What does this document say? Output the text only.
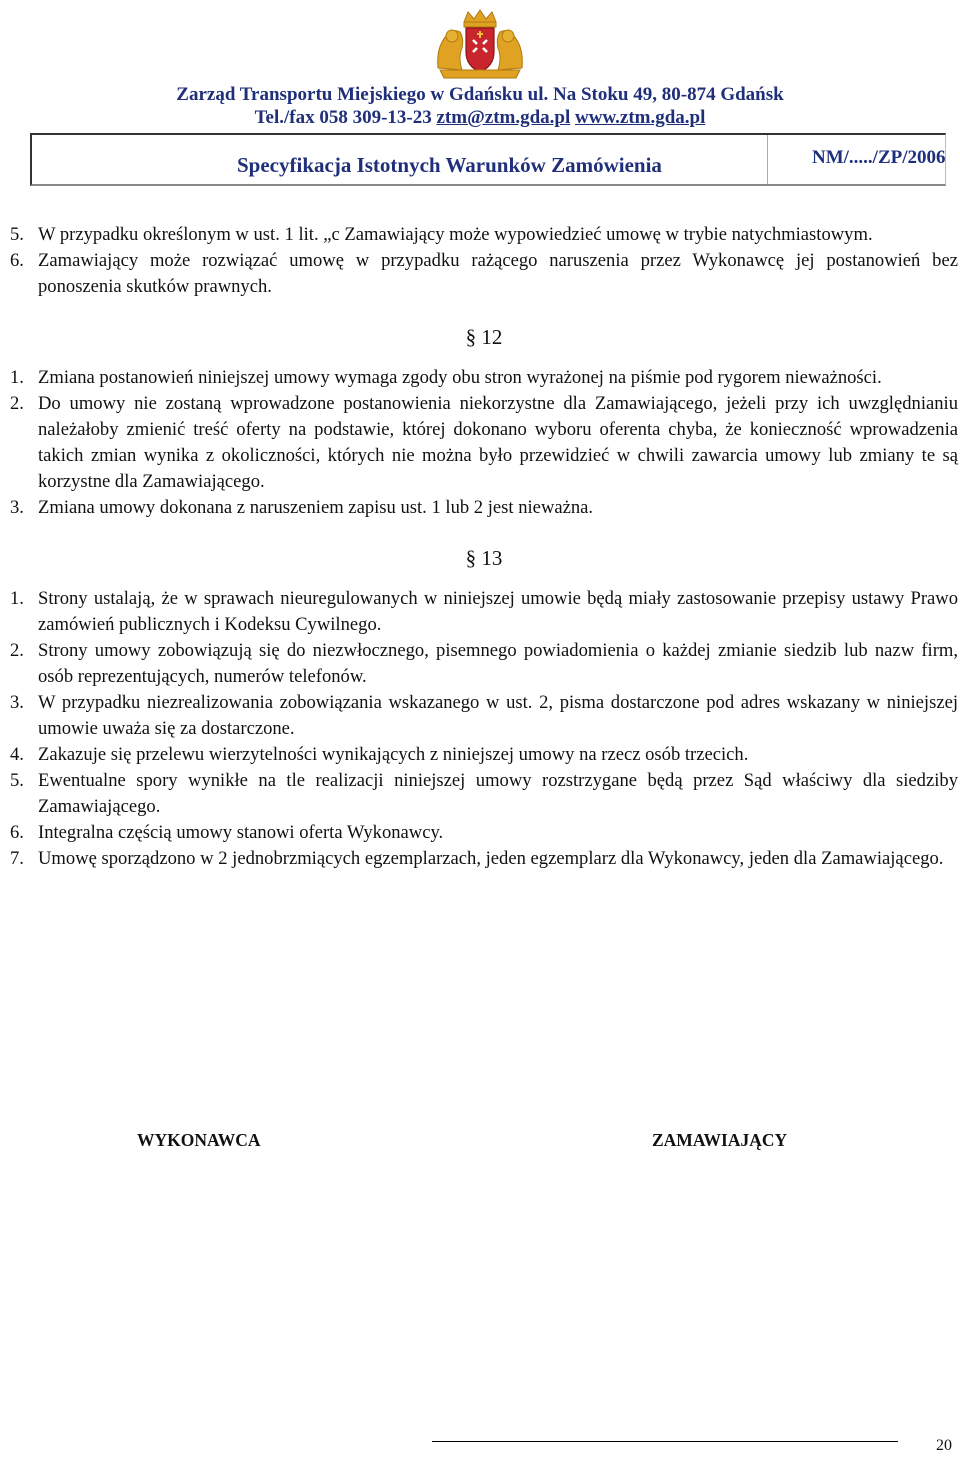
Zarząd Transportu Miejskiego w Gdańsku ul. Na Stoku 49, 80-874 Gdańsk
Tel./fax 058 309-13-23 ztm@ztm.gda.pl www.ztm.gda.pl
Specyfikacja Istotnych Warunków Zamówienia	NM/...../ZP/2006
5. W przypadku określonym w ust. 1 lit. „c Zamawiający może wypowiedzieć umowę w trybie natychmiastowym.
6. Zamawiający może rozwiązać umowę w przypadku rażącego naruszenia przez Wykonawcę jej postanowień bez ponoszenia skutków prawnych.
§ 12
1. Zmiana postanowień niniejszej umowy wymaga zgody obu stron wyrażonej na piśmie pod rygorem nieważności.
2. Do umowy nie zostaną wprowadzone postanowienia niekorzystne dla Zamawiającego, jeżeli przy ich uwzględnianiu należałoby zmienić treść oferty na podstawie, której dokonano wyboru oferenta chyba, że konieczność wprowadzenia takich zmian wynika z okoliczności, których nie można było przewidzieć w chwili zawarcia umowy lub zmiany te są korzystne dla Zamawiającego.
3. Zmiana umowy dokonana z naruszeniem zapisu ust. 1 lub 2 jest nieważna.
§ 13
1. Strony ustalają, że w sprawach nieuregulowanych w niniejszej umowie będą miały zastosowanie przepisy ustawy Prawo zamówień publicznych i Kodeksu Cywilnego.
2. Strony umowy zobowiązują się do niezwłocznego, pisemnego powiadomienia o każdej zmianie siedzib lub nazw firm, osób reprezentujących, numerów telefonów.
3. W przypadku niezrealizowania zobowiązania wskazanego w ust. 2, pisma dostarczone pod adres wskazany w niniejszej umowie uważa się za dostarczone.
4. Zakazuje się przelewu wierzytelności wynikających z niniejszej umowy na rzecz osób trzecich.
5. Ewentualne spory wynikłe na tle realizacji niniejszej umowy rozstrzygane będą przez Sąd właściwy dla siedziby Zamawiającego.
6. Integralna częścią umowy stanowi oferta Wykonawcy.
7. Umowę sporządzono w 2 jednobrzmiących egzemplarzach, jeden egzemplarz dla Wykonawcy, jeden dla Zamawiającego.
WYKONAWCA	ZAMAWIAJĄCY
20
